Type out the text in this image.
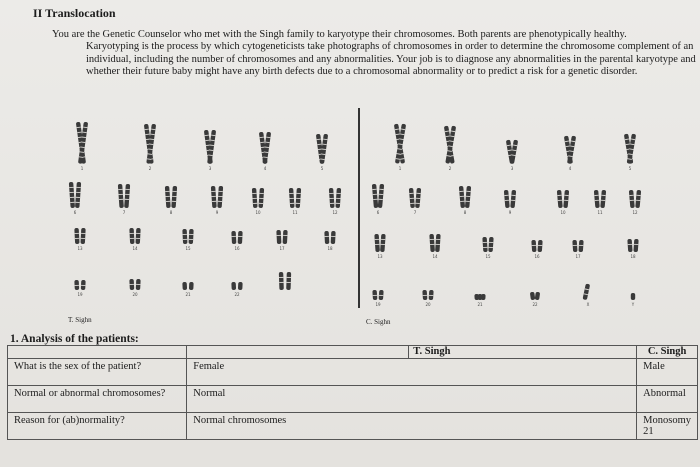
II Translocation
You are the Genetic Counselor who met with the Singh family to karyotype their chromosomes. Both parents are phenotypically healthy.
Karyotyping is the process by which cytogeneticists take photographs of chromosomes in order to determine the chromosome complement of an individual, including the number of chromosomes and any abnormalities. Your job is to diagnose any abnormalities in the parental karyotype and whether their future baby might have any birth defects due to a chromosomal abnormality or to predict a risk for a genetic disorder.
1	2	3	4	5
6	7	8	9	10	11	12
13	14	15	16	17	18
19	20	21	22
1	2	3	4	5
6	7	8	9	10	11	12
13	14	15	16	17	18
19	20	21	22	X	Y
T. Sighn	C. Sighn
1. Analysis of the patients:
		T. Singh	C. Singh
What is the sex of the patient?	Female		Male
Normal or abnormal chromosomes?	Normal		Abnormal
Reason for (ab)normality?	Normal chromosomes		Monosomy 21
